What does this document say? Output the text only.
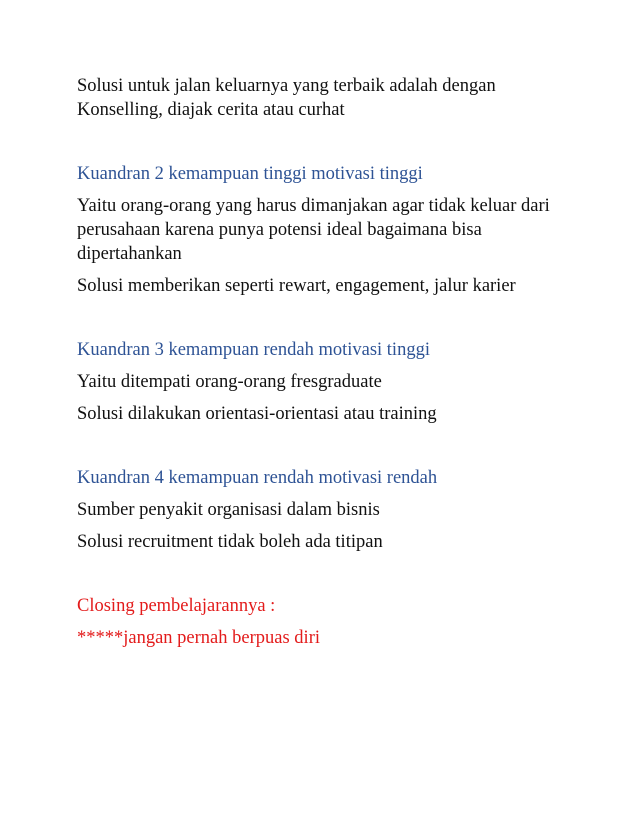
Solusi untuk jalan keluarnya yang terbaik adalah dengan Konselling, diajak cerita atau curhat

Kuandran 2 kemampuan tinggi motivasi tinggi

Yaitu orang-orang yang harus dimanjakan agar tidak keluar dari perusahaan karena punya potensi ideal bagaimana bisa dipertahankan

Solusi memberikan seperti rewart, engagement, jalur karier

Kuandran 3 kemampuan rendah motivasi tinggi

Yaitu ditempati orang-orang fresgraduate

Solusi dilakukan orientasi-orientasi atau training

Kuandran 4 kemampuan rendah motivasi rendah

Sumber penyakit organisasi dalam bisnis

Solusi recruitment tidak boleh ada titipan

Closing pembelajarannya :

*****jangan pernah berpuas diri
